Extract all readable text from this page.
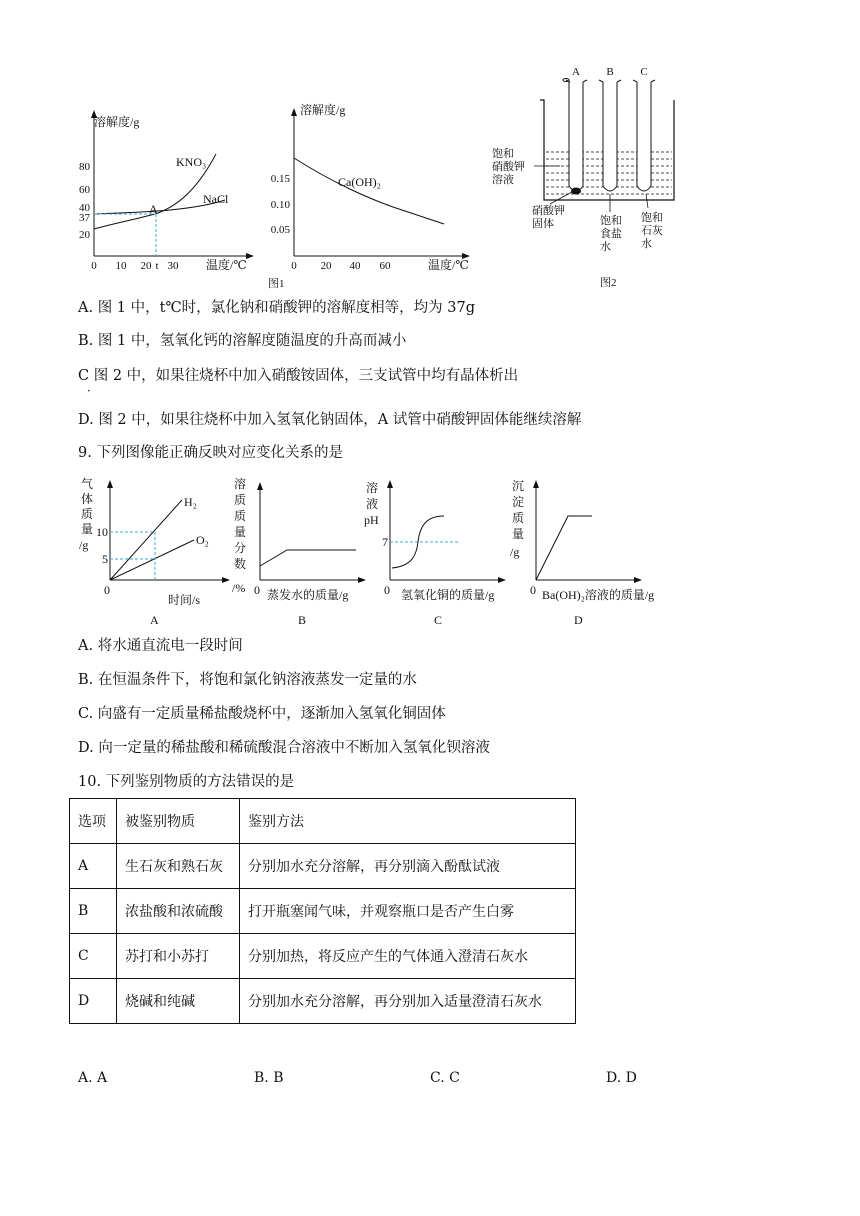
溶解度/g
80
60
40
37
20
0 10 20 t 30 温度/℃
KNO₃
NaCl
A
溶解度/g
0.15
0.10
0.05
0 20 40 60	温度/℃
Ca(OH)₂
图1
A B C
饱和
硝酸钾
溶液
硝酸钾
固体	饱和
食盐
水
饱和
石灰
水
图2
A. 图 1 中，t℃时，氯化钠和硝酸钾的溶解度相等，均为 37g
B. 图 1 中，氢氧化钙的溶解度随温度的升高而减小
C 图 2 中，如果往烧杯中加入硝酸铵固体，三支试管中均有晶体析出
·
D. 图 2 中，如果往烧杯中加入氢氧化钠固体，A 试管中硝酸钾固体能继续溶解
9. 下列图像能正确反映对应变化关系的是
气
体
质
量
/g
10
5
0
时间/s
H₂
O₂
A
溶
质
质
量
分
数
/% 0 蒸发水的质量/g
B
溶
液
pH
7
0 氢氧化铜的质量/g
C
沉
淀
质
量
/g
0 Ba(OH)₂溶液的质量/g
D
A. 将水通直流电一段时间
B. 在恒温条件下，将饱和氯化钠溶液蒸发一定量的水
C. 向盛有一定质量稀盐酸烧杯中，逐渐加入氢氧化铜固体
D. 向一定量的稀盐酸和稀硫酸混合溶液中不断加入氢氧化钡溶液
10. 下列鉴别物质的方法错误的是
选项	被鉴别物质	鉴别方法
A	生石灰和熟石灰	分别加水充分溶解，再分别滴入酚酞试液
B	浓盐酸和浓硫酸	打开瓶塞闻气味，并观察瓶口是否产生白雾
C	苏打和小苏打	分别加热，将反应产生的气体通入澄清石灰水
D	烧碱和纯碱	分别加水充分溶解，再分别加入适量澄清石灰水
A. A	B. B	C. C	D. D
